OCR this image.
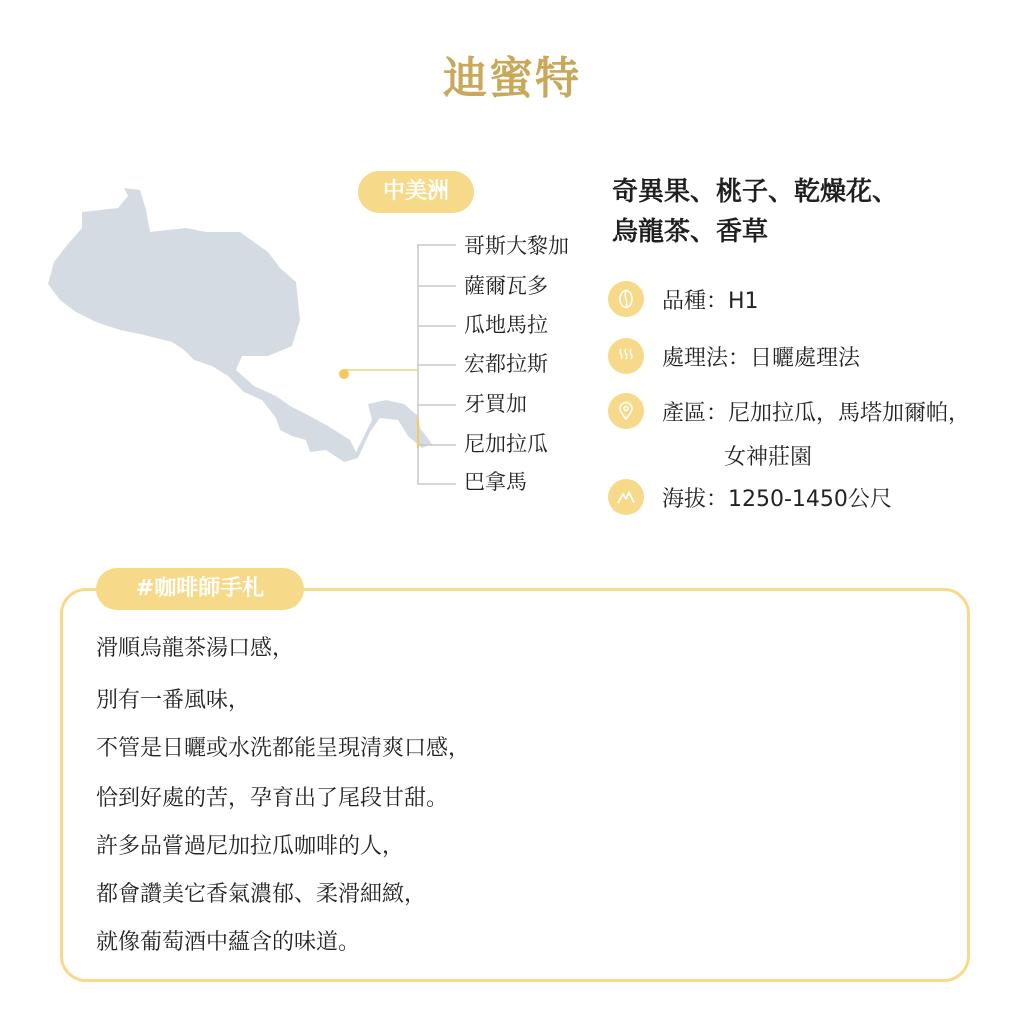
迪蜜特
中美洲
哥斯大黎加
薩爾瓦多
瓜地馬拉
宏都拉斯
牙買加
尼加拉瓜
巴拿馬
奇異果、桃子、乾燥花、
烏龍茶、香草
品種：H1
處理法：日曬處理法
產區：尼加拉瓜，馬塔加爾帕，
女神莊園
海拔：1250-1450公尺
#咖啡師手札
滑順烏龍茶湯口感，
別有一番風味，
不管是日曬或水洗都能呈現清爽口感，
恰到好處的苦，孕育出了尾段甘甜。
許多品嘗過尼加拉瓜咖啡的人，
都會讚美它香氣濃郁、柔滑細緻，
就像葡萄酒中蘊含的味道。
